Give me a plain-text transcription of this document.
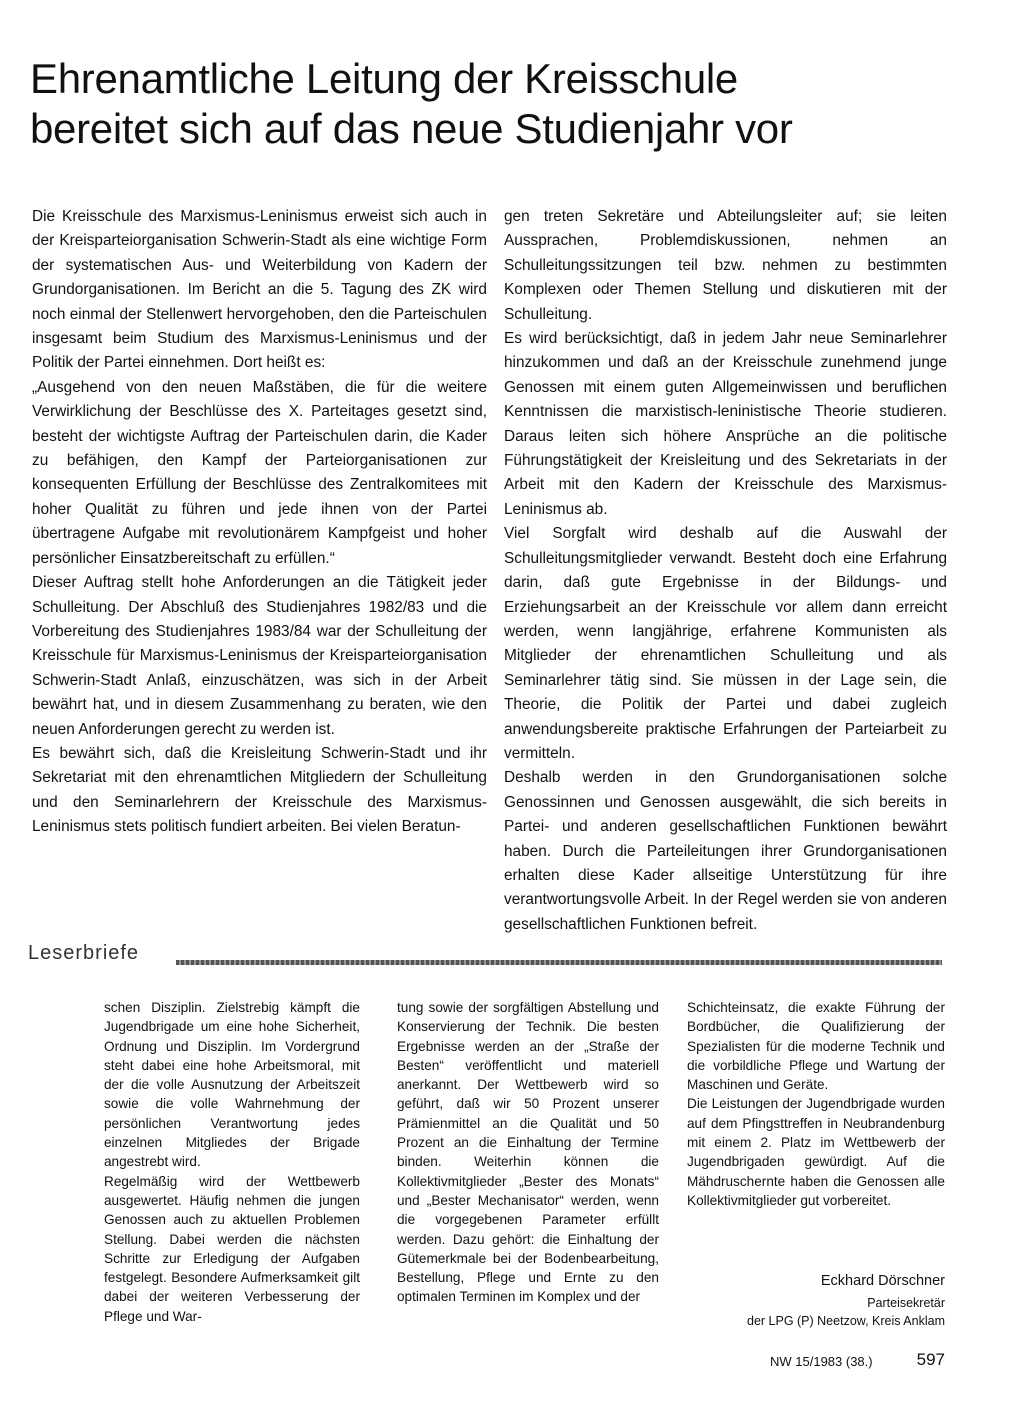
Ehrenamtliche Leitung der Kreisschule
bereitet sich auf das neue Studienjahr vor

Die Kreisschule des Marxismus-Leninismus erweist sich auch in der Kreisparteiorganisation Schwerin-Stadt als eine wichtige Form der systematischen Aus- und Weiterbildung von Kadern der Grundorganisationen. Im Bericht an die 5. Tagung des ZK wird noch einmal der Stellenwert hervorgehoben, den die Parteischulen insgesamt beim Studium des Marxismus-Leninismus und der Politik der Partei einnehmen. Dort heißt es:

„Ausgehend von den neuen Maßstäben, die für die weitere Verwirklichung der Beschlüsse des X. Parteitages gesetzt sind, besteht der wichtigste Auftrag der Parteischulen darin, die Kader zu befähigen, den Kampf der Parteiorganisationen zur konsequenten Erfüllung der Beschlüsse des Zentralkomitees mit hoher Qualität zu führen und jede ihnen von der Partei übertragene Aufgabe mit revolutionärem Kampfgeist und hoher persönlicher Einsatzbereitschaft zu erfüllen.“

Dieser Auftrag stellt hohe Anforderungen an die Tätigkeit jeder Schulleitung. Der Abschluß des Studienjahres 1982/83 und die Vorbereitung des Studienjahres 1983/84 war der Schulleitung der Kreisschule für Marxismus-Leninismus der Kreisparteiorganisation Schwerin-Stadt Anlaß, einzuschätzen, was sich in der Arbeit bewährt hat, und in diesem Zusammenhang zu beraten, wie den neuen Anforderungen gerecht zu werden ist.

Es bewährt sich, daß die Kreisleitung Schwerin-Stadt und ihr Sekretariat mit den ehrenamtlichen Mitgliedern der Schulleitung und den Seminarlehrern der Kreisschule des Marxismus-Leninismus stets politisch fundiert arbeiten. Bei vielen Beratun-

gen treten Sekretäre und Abteilungsleiter auf; sie leiten Aussprachen, Problemdiskussionen, nehmen an Schulleitungssitzungen teil bzw. nehmen zu bestimmten Komplexen oder Themen Stellung und diskutieren mit der Schulleitung.

Es wird berücksichtigt, daß in jedem Jahr neue Seminarlehrer hinzukommen und daß an der Kreisschule zunehmend junge Genossen mit einem guten Allgemeinwissen und beruflichen Kenntnissen die marxistisch-leninistische Theorie studieren. Daraus leiten sich höhere Ansprüche an die politische Führungstätigkeit der Kreisleitung und des Sekretariats in der Arbeit mit den Kadern der Kreisschule des Marxismus-Leninismus ab.

Viel Sorgfalt wird deshalb auf die Auswahl der Schulleitungsmitglieder verwandt. Besteht doch eine Erfahrung darin, daß gute Ergebnisse in der Bildungs- und Erziehungsarbeit an der Kreisschule vor allem dann erreicht werden, wenn langjährige, erfahrene Kommunisten als Mitglieder der ehrenamtlichen Schulleitung und als Seminarlehrer tätig sind. Sie müssen in der Lage sein, die Theorie, die Politik der Partei und dabei zugleich anwendungsbereite praktische Erfahrungen der Parteiarbeit zu vermitteln.

Deshalb werden in den Grundorganisationen solche Genossinnen und Genossen ausgewählt, die sich bereits in Partei- und anderen gesellschaftlichen Funktionen bewährt haben. Durch die Parteileitungen ihrer Grundorganisationen erhalten diese Kader allseitige Unterstützung für ihre verantwortungsvolle Arbeit. In der Regel werden sie von anderen gesellschaftlichen Funktionen befreit.

Leserbriefe

schen Disziplin. Zielstrebig kämpft die Jugendbrigade um eine hohe Sicherheit, Ordnung und Disziplin. Im Vordergrund steht dabei eine hohe Arbeitsmoral, mit der die volle Ausnutzung der Arbeitszeit sowie die volle Wahrnehmung der persönlichen Verantwortung jedes einzelnen Mitgliedes der Brigade angestrebt wird.

Regelmäßig wird der Wettbewerb ausgewertet. Häufig nehmen die jungen Genossen auch zu aktuellen Problemen Stellung. Dabei werden die nächsten Schritte zur Erledigung der Aufgaben festgelegt. Besondere Aufmerksamkeit gilt dabei der weiteren Verbesserung der Pflege und War-

tung sowie der sorgfältigen Abstellung und Konservierung der Technik. Die besten Ergebnisse werden an der „Straße der Besten“ veröffentlicht und materiell anerkannt. Der Wettbewerb wird so geführt, daß wir 50 Prozent unserer Prämienmittel an die Qualität und 50 Prozent an die Einhaltung der Termine binden. Weiterhin können die Kollektivmitglieder „Bester des Monats“ und „Bester Mechanisator“ werden, wenn die vorgegebenen Parameter erfüllt werden. Dazu gehört: die Einhaltung der Gütemerkmale bei der Bodenbearbeitung, Bestellung, Pflege und Ernte zu den optimalen Terminen im Komplex und der

Schichteinsatz, die exakte Führung der Bordbücher, die Qualifizierung der Spezialisten für die moderne Technik und die vorbildliche Pflege und Wartung der Maschinen und Geräte.

Die Leistungen der Jugendbrigade wurden auf dem Pfingsttreffen in Neubrandenburg mit einem 2. Platz im Wettbewerb der Jugendbrigaden gewürdigt. Auf die Mähdruschernte haben die Genossen alle Kollektivmitglieder gut vorbereitet.

Eckhard Dörschner
Parteisekretär
der LPG (P) Neetzow, Kreis Anklam
NW 15/1983 (38.)	597
